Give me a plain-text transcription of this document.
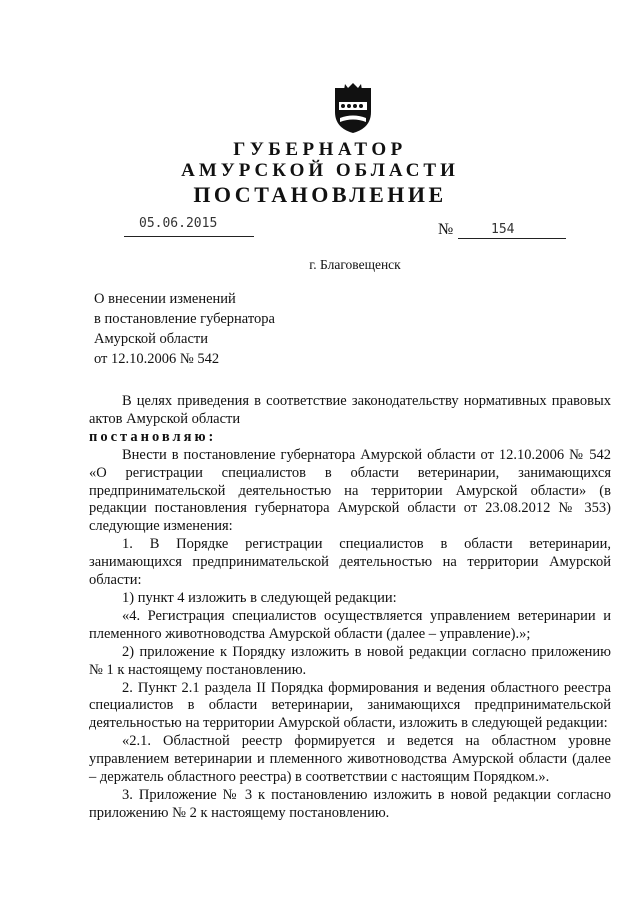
ГУБЕРНАТОР
АМУРСКОЙ ОБЛАСТИ
ПОСТАНОВЛЕНИЕ
05.06.2015	№	154
г. Благовещенск
О внесении изменений
в постановление губернатора
Амурской области
от 12.10.2006 № 542

В целях приведения в соответствие законодательству нормативных правовых актов Амурской области

постановляю:

Внести в постановление губернатора Амурской области от 12.10.2006 № 542 «О регистрации специалистов в области ветеринарии, занимающихся предпринимательской деятельностью на территории Амурской области» (в редакции постановления губернатора Амурской области от 23.08.2012 № 353) следующие изменения:

1. В Порядке регистрации специалистов в области ветеринарии, занимающихся предпринимательской деятельностью на территории Амурской области:

1) пункт 4 изложить в следующей редакции:

«4. Регистрация специалистов осуществляется управлением ветеринарии и племенного животноводства Амурской области (далее – управление).»;

2) приложение к Порядку изложить в новой редакции согласно приложению № 1 к настоящему постановлению.

2. Пункт 2.1 раздела II Порядка формирования и ведения областного реестра специалистов в области ветеринарии, занимающихся предпринимательской деятельностью на территории Амурской области, изложить в следующей редакции:

«2.1. Областной реестр формируется и ведется на областном уровне управлением ветеринарии и племенного животноводства Амурской области (далее – держатель областного реестра) в соответствии с настоящим Порядком.».

3. Приложение № 3 к постановлению изложить в новой редакции согласно приложению № 2 к настоящему постановлению.
